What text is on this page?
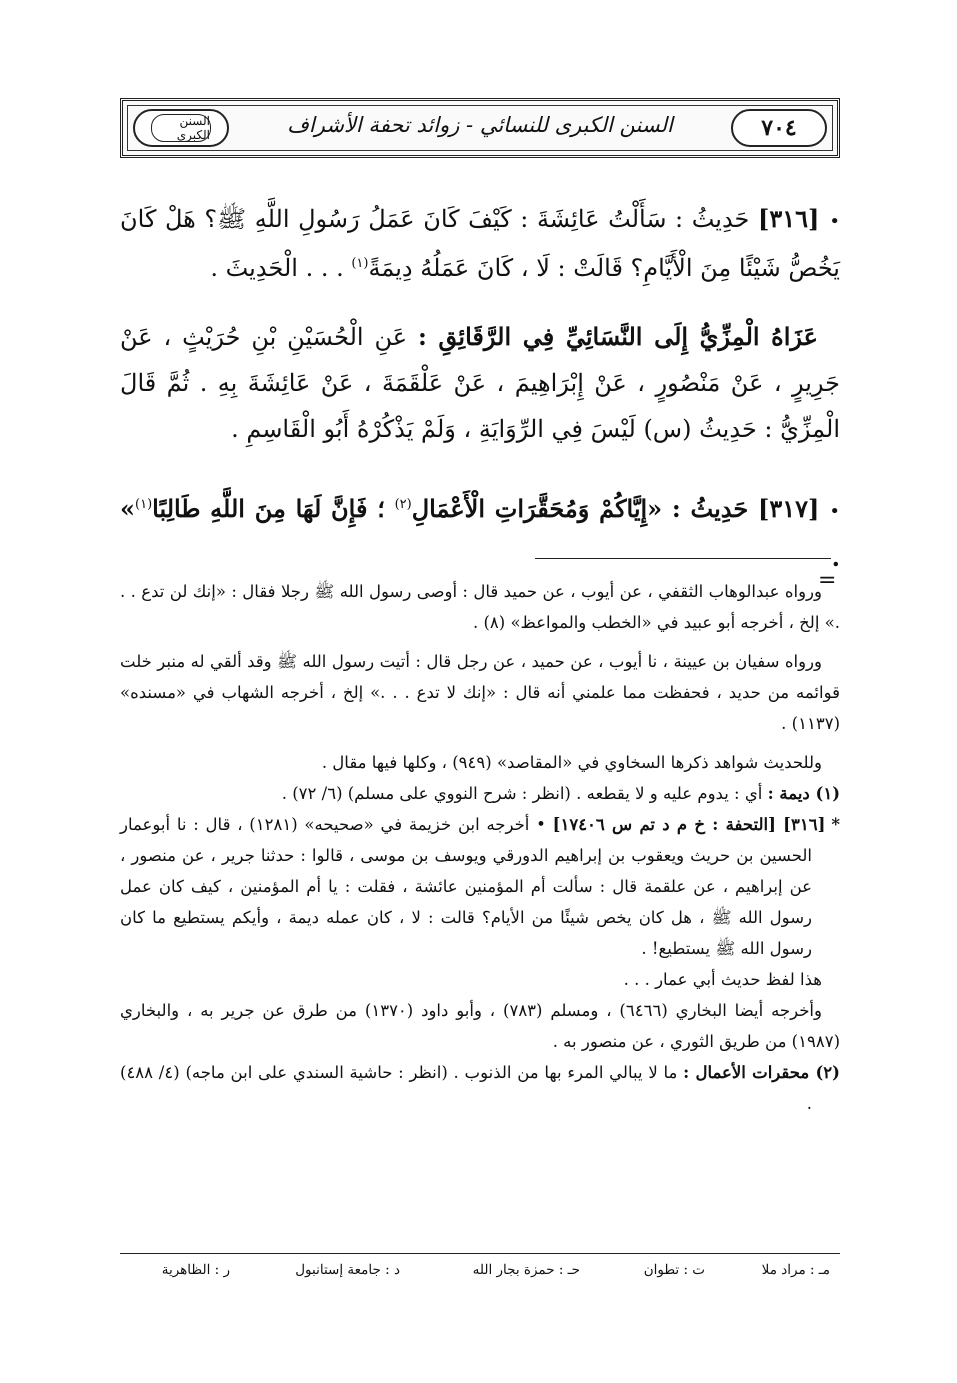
٧٠٤
السنن الكبرى للنسائي - زوائد تحفة الأشراف
السنن الكبرى
•[٣١٦] حَدِيثُ : سَأَلْتُ عَائِشَةَ : كَيْفَ كَانَ عَمَلُ رَسُولِ اللَّهِ ﷺ؟ هَلْ كَانَ يَخُصُّ شَيْئًا مِنَ الْأَيَّامِ؟ قَالَتْ : لَا ، كَانَ عَمَلُهُ دِيمَةً$^{(١)}$ . . . الْحَدِيثَ .
عَزَاهُ الْمِزِّيُّ إِلَى النَّسَائِيِّ فِي الرَّقَائِقِ : عَنِ الْحُسَيْنِ بْنِ حُرَيْثٍ ، عَنْ جَرِيرٍ ، عَنْ مَنْصُورٍ ، عَنْ إِبْرَاهِيمَ ، عَنْ عَلْقَمَةَ ، عَنْ عَائِشَةَ بِهِ . ثُمَّ قَالَ الْمِزِّيُّ : حَدِيثُ (س) لَيْسَ فِي الرِّوَايَةِ ، وَلَمْ يَذْكُرْهُ أَبُو الْقَاسِمِ .
•[٣١٧] حَدِيثُ : «إِيَّاكُمْ وَمُحَقَّرَاتِ الْأَعْمَالِ$^{(٢)}$ ؛ فَإِنَّ لَهَا مِنَ اللَّهِ طَالِبًا$^{(١)}$» .
=

ورواه عبدالوهاب الثقفي ، عن أيوب ، عن حميد قال : أوصى رسول الله ﷺ رجلا فقال : «إنك لن تدع . . .» إلخ ، أخرجه أبو عبيد في «الخطب والمواعظ» (٨) .

ورواه سفيان بن عيينة ، نا أيوب ، عن حميد ، عن رجل قال : أتيت رسول الله ﷺ وقد ألقي له منبر خلت قوائمه من حديد ، فحفظت مما علمني أنه قال : «إنك لا تدع . . .» إلخ ، أخرجه الشهاب في «مسنده» (١١٣٧) .

وللحديث شواهد ذكرها السخاوي في «المقاصد» (٩٤٩) ، وكلها فيها مقال .

(١) ديمة : أي : يدوم عليه و لا يقطعه . (انظر : شرح النووي على مسلم) (٦/ ٧٢) .

*[٣١٦] [التحفة : خ م د تم س ١٧٤٠٦] • أخرجه ابن خزيمة في «صحيحه» (١٢٨١) ، قال : نا أبوعمار الحسين بن حريث ويعقوب بن إبراهيم الدورقي ويوسف بن موسى ، قالوا : حدثنا جرير ، عن منصور ، عن إبراهيم ، عن علقمة قال : سألت أم المؤمنين عائشة ، فقلت : يا أم المؤمنين ، كيف كان عمل رسول الله ﷺ ، هل كان يخص شيئًا من الأيام؟ قالت : لا ، كان عمله ديمة ، وأيكم يستطيع ما كان رسول الله ﷺ يستطيع! .

هذا لفظ حديث أبي عمار . . .

وأخرجه أيضا البخاري (٦٤٦٦) ، ومسلم (٧٨٣) ، وأبو داود (١٣٧٠) من طرق عن جرير به ، والبخاري (١٩٨٧) من طريق الثوري ، عن منصور به .

(٢) محقرات الأعمال : ما لا يبالي المرء بها من الذنوب . (انظر : حاشية السندي على ابن ماجه) (٤/ ٤٨٨) .

مـ : مراد ملا
ت : تطوان
حـ : حمزة بجار الله
د : جامعة إستانبول
ر : الظاهرية
